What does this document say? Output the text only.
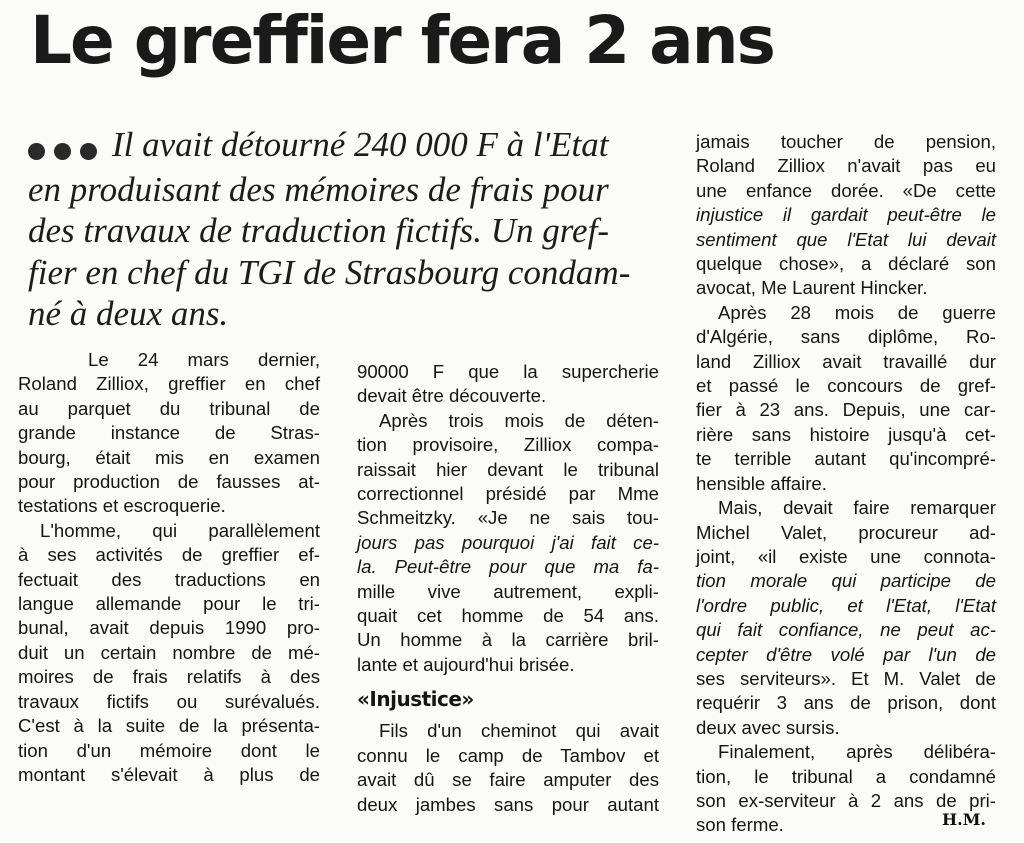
Le greffier fera 2 ans
Il avait détourné 240 000 F à l'Etat
en produisant des mémoires de frais pour
des travaux de traduction fictifs. Un gref-
fier en chef du TGI de Strasbourg condam-
né à deux ans.
Le 24 mars dernier,
Roland Zilliox, greffier en chef
au parquet du tribunal de
grande instance de Stras-
bourg, était mis en examen
pour production de fausses at-
testations et escroquerie.
L'homme, qui parallèlement
à ses activités de greffier ef-
fectuait des traductions en
langue allemande pour le tri-
bunal, avait depuis 1990 pro-
duit un certain nombre de mé-
moires de frais relatifs à des
travaux fictifs ou surévalués.
C'est à la suite de la présenta-
tion d'un mémoire dont le
montant s'élevait à plus de
90000 F que la supercherie
devait être découverte.
Après trois mois de déten-
tion provisoire, Zilliox compa-
raissait hier devant le tribunal
correctionnel présidé par Mme
Schmeitzky. «Je ne sais tou-
jours pas pourquoi j'ai fait ce-
la. Peut-être pour que ma fa-
mille vive autrement, expli-
quait cet homme de 54 ans.
Un homme à la carrière bril-
lante et aujourd'hui brisée.
«Injustice»
Fils d'un cheminot qui avait
connu le camp de Tambov et
avait dû se faire amputer des
deux jambes sans pour autant
jamais toucher de pension,
Roland Zilliox n'avait pas eu
une enfance dorée. «De cette
injustice il gardait peut-être le
sentiment que l'Etat lui devait
quelque chose», a déclaré son
avocat, Me Laurent Hincker.
Après 28 mois de guerre
d'Algérie, sans diplôme, Ro-
land Zilliox avait travaillé dur
et passé le concours de gref-
fier à 23 ans. Depuis, une car-
rière sans histoire jusqu'à cet-
te terrible autant qu'incompré-
hensible affaire.
Mais, devait faire remarquer
Michel Valet, procureur ad-
joint, «il existe une connota-
tion morale qui participe de
l'ordre public, et l'Etat, l'Etat
qui fait confiance, ne peut ac-
cepter d'être volé par l'un de
ses serviteurs». Et M. Valet de
requérir 3 ans de prison, dont
deux avec sursis.
Finalement, après délibéra-
tion, le tribunal a condamné
son ex-serviteur à 2 ans de pri-
son ferme.	H.M.
